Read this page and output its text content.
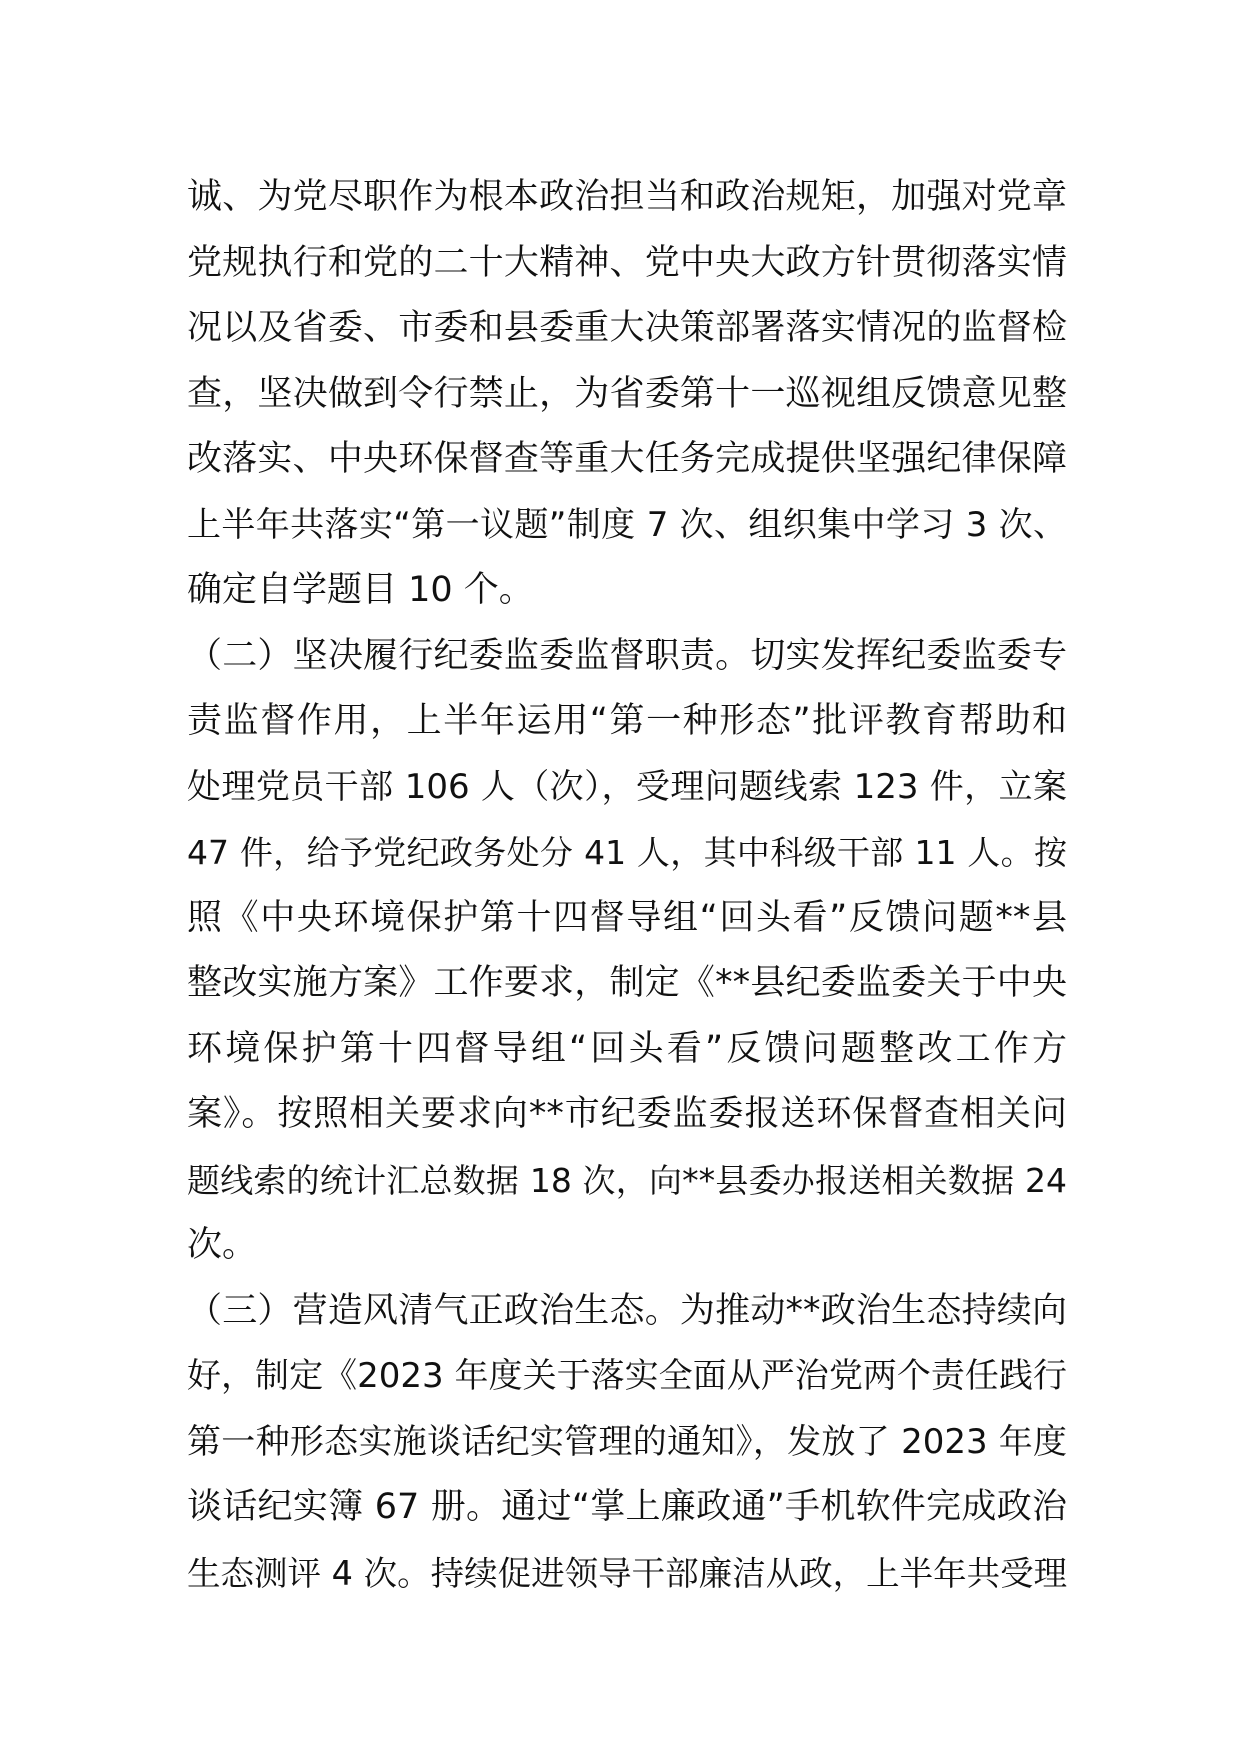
诚、为党尽职作为根本政治担当和政治规矩，加强对党章
党规执行和党的二十大精神、党中央大政方针贯彻落实情
况以及省委、市委和县委重大决策部署落实情况的监督检
查，坚决做到令行禁止，为省委第十一巡视组反馈意见整
改落实、中央环保督查等重大任务完成提供坚强纪律保障
上半年共落实“第一议题”制度 7 次、组织集中学习 3 次、
确定自学题目 10 个。
（二）坚决履行纪委监委监督职责。切实发挥纪委监委专
责监督作用，上半年运用“第一种形态”批评教育帮助和
处理党员干部 106 人（次），受理问题线索 123 件，立案
47 件，给予党纪政务处分 41 人，其中科级干部 11 人。按
照《中央环境保护第十四督导组“回头看”反馈问题**县
整改实施方案》工作要求，制定《**县纪委监委关于中央
环境保护第十四督导组“回头看”反馈问题整改工作方
案》。按照相关要求向**市纪委监委报送环保督查相关问
题线索的统计汇总数据 18 次，向**县委办报送相关数据 24
次。
（三）营造风清气正政治生态。为推动**政治生态持续向
好，制定《2023 年度关于落实全面从严治党两个责任践行
第一种形态实施谈话纪实管理的通知》，发放了 2023 年度
谈话纪实簿 67 册。通过“掌上廉政通”手机软件完成政治
生态测评 4 次。持续促进领导干部廉洁从政，上半年共受理
